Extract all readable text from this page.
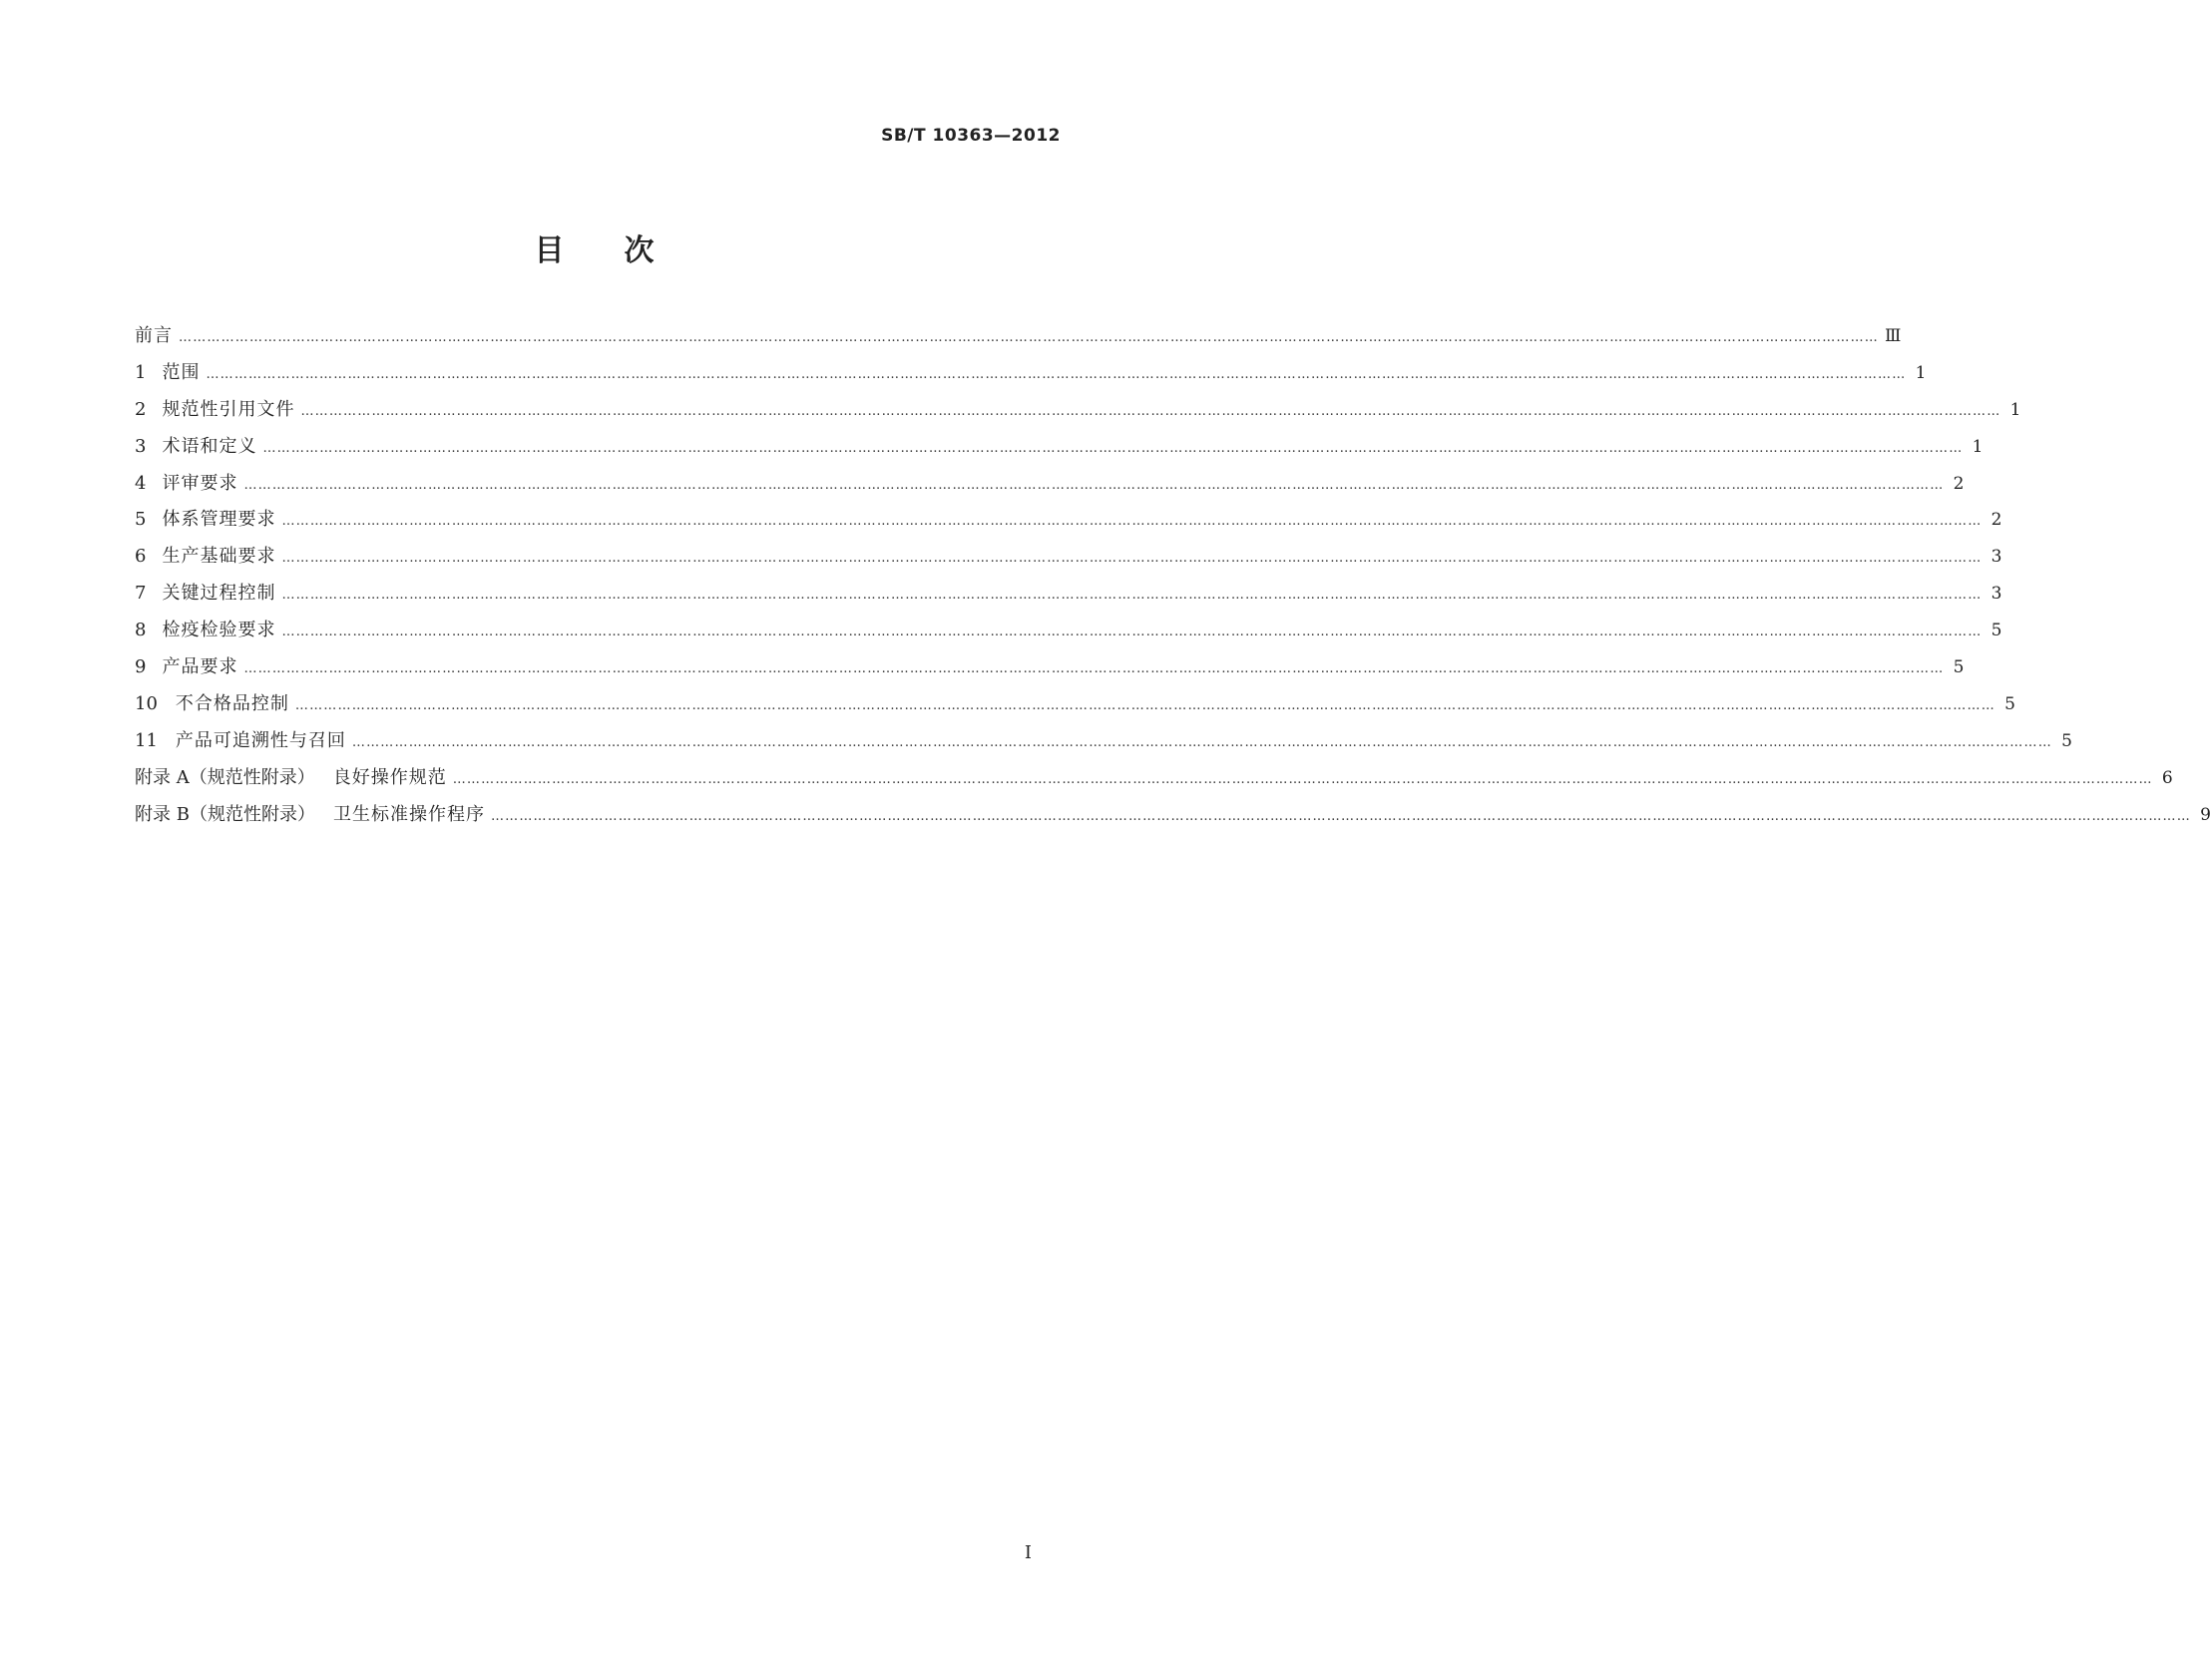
SB/T 10363—2012
目次
前言 ……………………………………………………………………………………………………………………………………………………………………………………………………………………………………………………………………………………………………………………………… Ⅲ
1 范围 ……………………………………………………………………………………………………………………………………………………………………………………………………………………………………………………………………………………………………………………………… 1
2 规范性引用文件 ……………………………………………………………………………………………………………………………………………………………………………………………………………………………………………………………………………………………………………………………… 1
3 术语和定义 ……………………………………………………………………………………………………………………………………………………………………………………………………………………………………………………………………………………………………………………………… 1
4 评审要求 ……………………………………………………………………………………………………………………………………………………………………………………………………………………………………………………………………………………………………………………………… 2
5 体系管理要求 ……………………………………………………………………………………………………………………………………………………………………………………………………………………………………………………………………………………………………………………………… 2
6 生产基础要求 ……………………………………………………………………………………………………………………………………………………………………………………………………………………………………………………………………………………………………………………………… 3
7 关键过程控制 ……………………………………………………………………………………………………………………………………………………………………………………………………………………………………………………………………………………………………………………………… 3
8 检疫检验要求 ……………………………………………………………………………………………………………………………………………………………………………………………………………………………………………………………………………………………………………………………… 5
9 产品要求 ……………………………………………………………………………………………………………………………………………………………………………………………………………………………………………………………………………………………………………………………… 5
10 不合格品控制 ……………………………………………………………………………………………………………………………………………………………………………………………………………………………………………………………………………………………………………………………… 5
11 产品可追溯性与召回 ……………………………………………………………………………………………………………………………………………………………………………………………………………………………………………………………………………………………………………………………… 5
附录 A（规范性附录） 良好操作规范 ……………………………………………………………………………………………………………………………………………………………………………………………………………………………………………………………………………………………………………………………… 6
附录 B（规范性附录） 卫生标准操作程序 ……………………………………………………………………………………………………………………………………………………………………………………………………………………………………………………………………………………………………………………………… 9
I
